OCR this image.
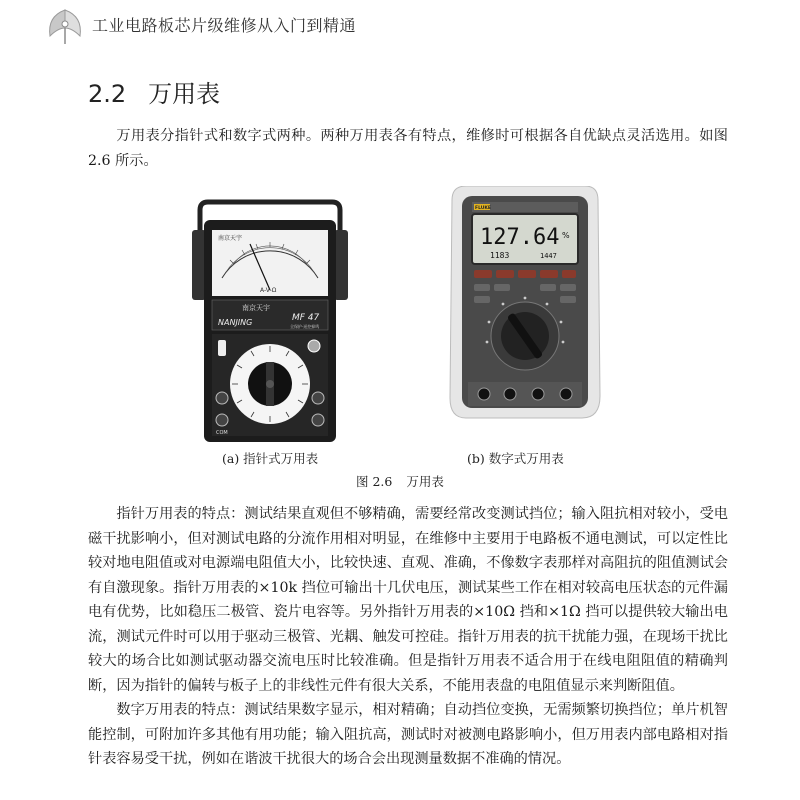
工业电路板芯片级维修从入门到精通
2.2 万用表

万用表分指针式和数字式两种。两种万用表各有特点，维修时可根据各自优缺点灵活选用。如图 2.6 所示。

南京天宇
A-V-Ω
南京天宇
NANJING	MF 47
全保护·遥控蜂鸣
COM
FLUKE
127.64 %
1183	1447
(a) 指针式万用表	(b) 数字式万用表
图 2.6 万用表

指针万用表的特点：测试结果直观但不够精确，需要经常改变测试挡位；输入阻抗相对较小，受电磁干扰影响小，但对测试电路的分流作用相对明显，在维修中主要用于电路板不通电测试，可以定性比较对地电阻值或对电源端电阻值大小，比较快速、直观、准确，不像数字表那样对高阻抗的阻值测试会有自激现象。指针万用表的×10k 挡位可输出十几伏电压，测试某些工作在相对较高电压状态的元件漏电有优势，比如稳压二极管、瓷片电容等。另外指针万用表的×10Ω 挡和×1Ω 挡可以提供较大输出电流，测试元件时可以用于驱动三极管、光耦、触发可控硅。指针万用表的抗干扰能力强，在现场干扰比较大的场合比如测试驱动器交流电压时比较准确。但是指针万用表不适合用于在线电阻阻值的精确判断，因为指针的偏转与板子上的非线性元件有很大关系，不能用表盘的电阻值显示来判断阻值。

数字万用表的特点：测试结果数字显示，相对精确；自动挡位变换，无需频繁切换挡位；单片机智能控制，可附加许多其他有用功能；输入阻抗高，测试时对被测电路影响小，但万用表内部电路相对指针表容易受干扰，例如在谐波干扰很大的场合会出现测量数据不准确的情况。
